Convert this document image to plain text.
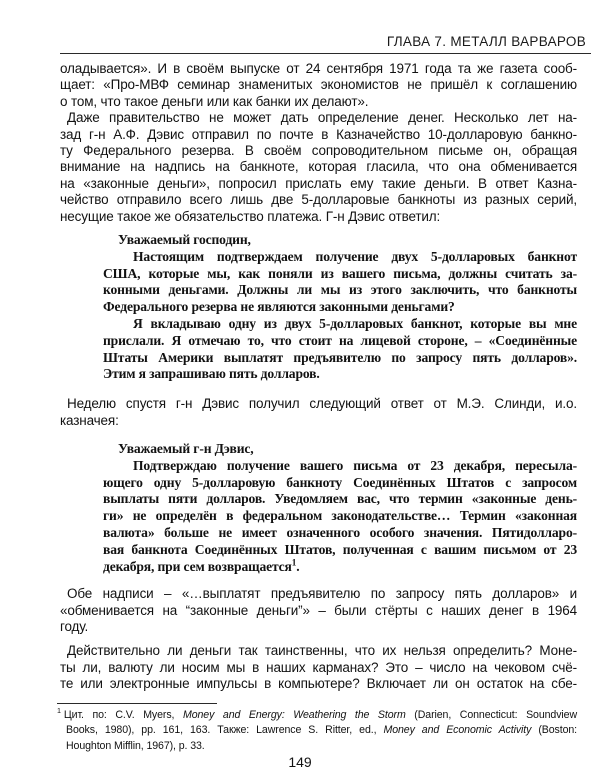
ГЛАВА 7. МЕТАЛЛ ВАРВАРОВ
оладывается». И в своём выпуске от 24 сентября 1971 года та же газета сооб-
щает: «Про-МВФ семинар знаменитых экономистов не пришёл к соглашению
о том, что такое деньги или как банки их делают».
Даже правительство не может дать определение денег. Несколько лет на-
зад г-н А.Ф. Дэвис отправил по почте в Казначейство 10-долларовую банкно-
ту Федерального резерва. В своём сопроводительном письме он, обращая
внимание на надпись на банкноте, которая гласила, что она обменивается
на «законные деньги», попросил прислать ему такие деньги. В ответ Казна-
чейство отправило всего лишь две 5-долларовые банкноты из разных серий,
несущие такое же обязательство платежа. Г-н Дэвис ответил:
Уважаемый господин,
Настоящим подтверждаем получение двух 5-долларовых банкнот
США, которые мы, как поняли из вашего письма, должны считать за-
конными деньгами. Должны ли мы из этого заключить, что банкноты
Федерального резерва не являются законными деньгами?
Я вкладываю одну из двух 5-долларовых банкнот, которые вы мне
прислали. Я отмечаю то, что стоит на лицевой стороне, – «Соединённые
Штаты Америки выплатят предъявителю по запросу пять долларов».
Этим я запрашиваю пять долларов.
Неделю спустя г-н Дэвис получил следующий ответ от М.Э. Слинди, и.о.
казначея:
Уважаемый г-н Дэвис,
Подтверждаю получение вашего письма от 23 декабря, пересыла-
ющего одну 5-долларовую банкноту Соединённых Штатов с запросом
выплаты пяти долларов. Уведомляем вас, что термин «законные день-
ги» не определён в федеральном законодательстве… Термин «законная
валюта» больше не имеет означенного особого значения. Пятидолларо-
вая банкнота Соединённых Штатов, полученная с вашим письмом от 23
декабря, при сем возвращается$^1$.
Обе надписи – «…выплатят предъявителю по запросу пять долларов» и
«обменивается на “законные деньги”» – были стёрты с наших денег в 1964
году.
Действительно ли деньги так таинственны, что их нельзя определить? Моне-
ты ли, валюту ли носим мы в наших карманах? Это – число на чековом счё-
те или электронные импульсы в компьютере? Включает ли он остаток на сбе-
$^1$ Цит. по: C.V. Myers, Money and Energy: Weathering the Storm (Darien, Connecticut: Soundview
Books, 1980), pp. 161, 163. Также: Lawrence S. Ritter, ed., Money and Economic Activity (Boston:
Houghton Mifflin, 1967), p. 33.
149
